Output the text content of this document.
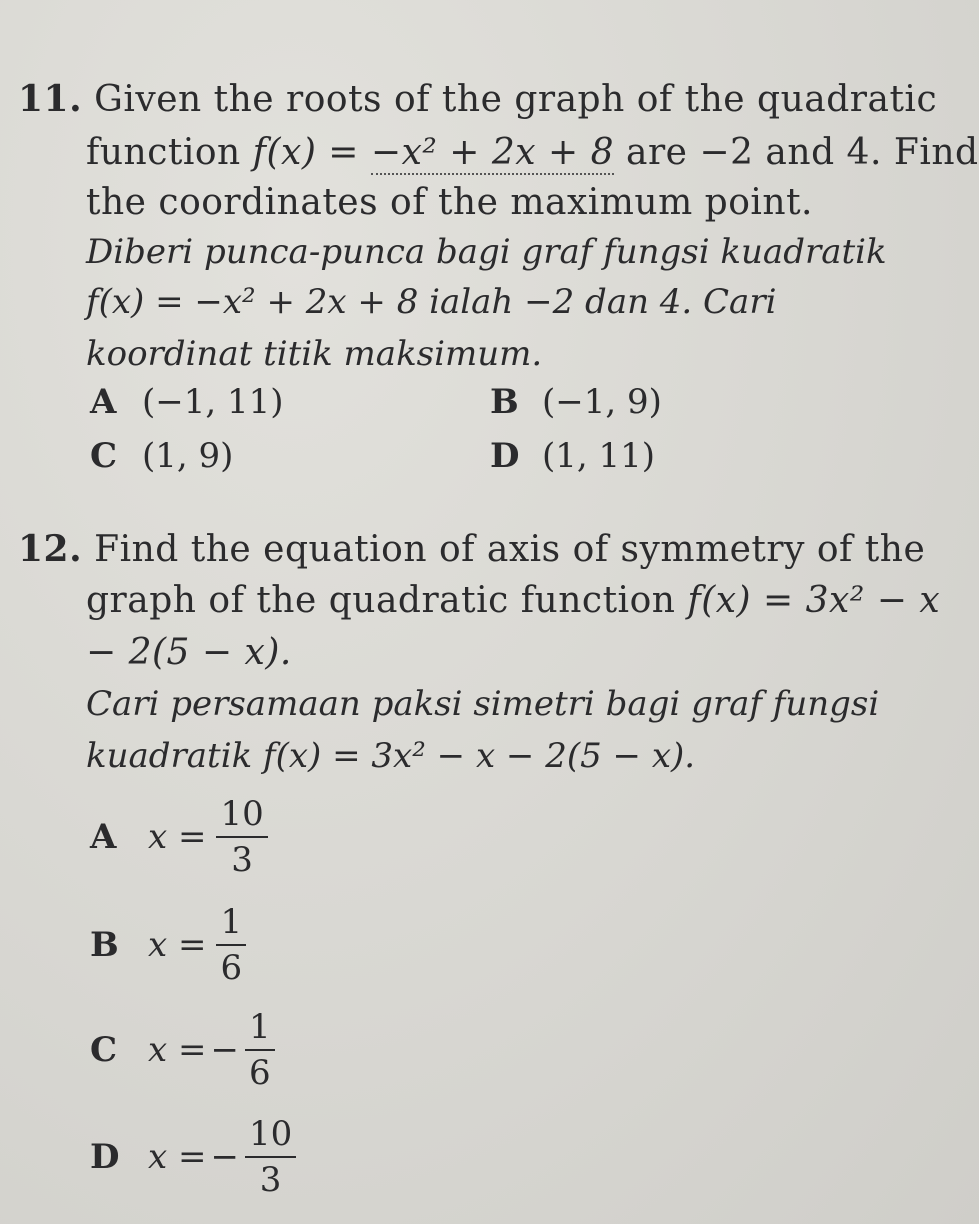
11. Given the roots of the graph of the quadratic
function f(x) = −x² + 2x + 8 are −2 and 4. Find
the coordinates of the maximum point.
Diberi punca-punca bagi graf fungsi kuadratik
f(x) = −x² + 2x + 8 ialah −2 dan 4. Cari
koordinat titik maksimum.
A (−1, 11)	B (−1, 9)
C (1, 9)	D (1, 11)
12. Find the equation of axis of symmetry of the
graph of the quadratic function f(x) = 3x² − x
− 2(5 − x).
Cari persamaan paksi simetri bagi graf fungsi
kuadratik f(x) = 3x² − x − 2(5 − x).
A $x = \frac{10}{3}$
B $x = \frac{1}{6}$
C x = − $\frac{1}{6}$
D x = − $\frac{10}{3}$
